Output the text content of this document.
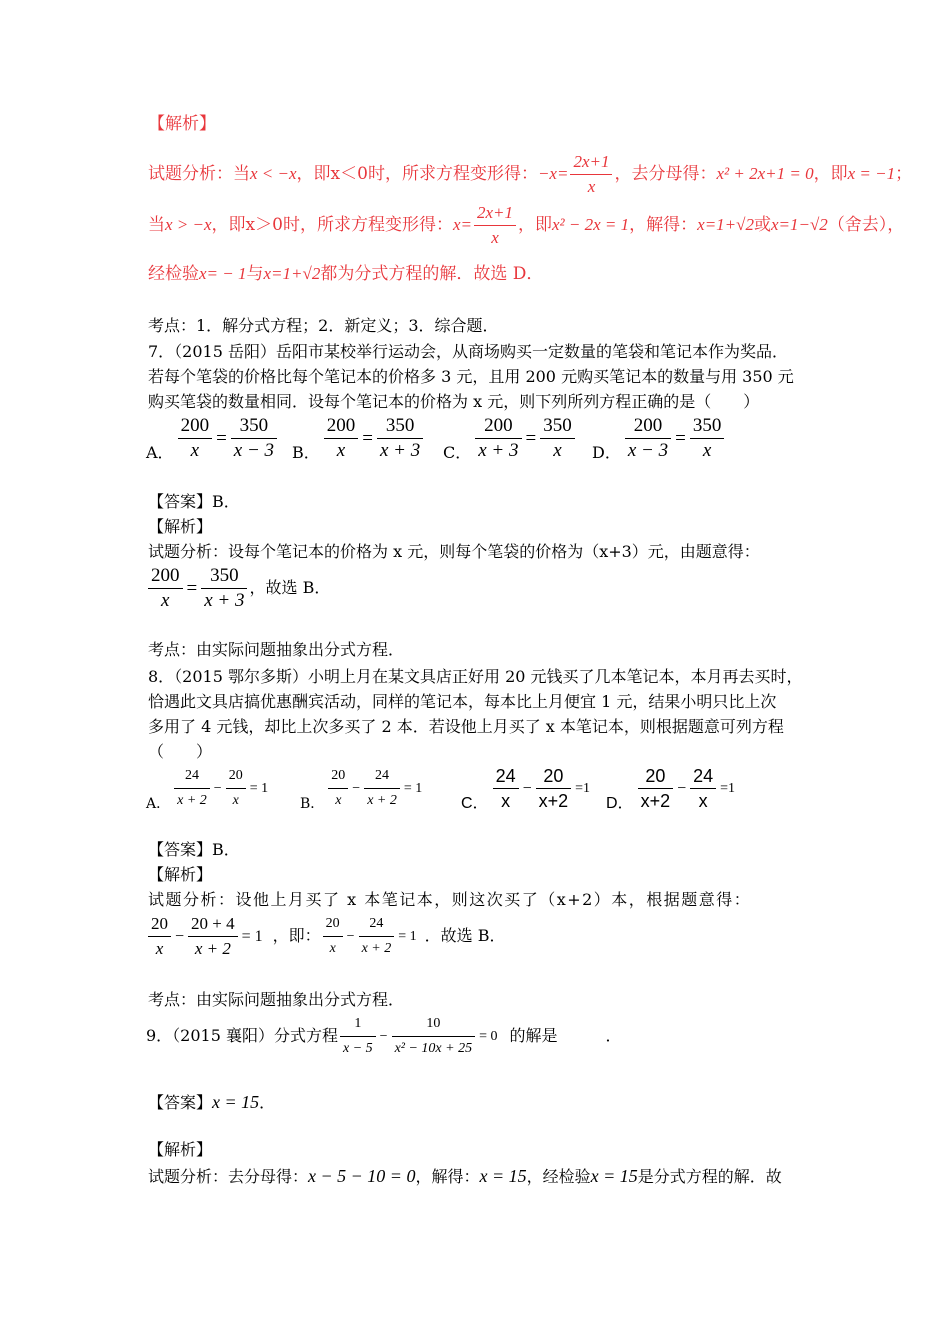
【解析】
试题分析：当x < −x，即x＜0时，所求方程变形得：$-x= \frac{2x+1}{x}$ ，去分母得：x² + 2x+1 = 0，即x = −1；
当x > −x，即x＞0时，所求方程变形得：$x= \frac{2x+1}{x}$ ，即x² − 2x = 1，解得：x=1+√2或x=1−√2（舍去），
经检验x= − 1与x=1+√2都为分式方程的解．故选 D．
考点：1．解分式方程；2．新定义；3．综合题．
7．（2015 岳阳）岳阳市某校举行运动会，从商场购买一定数量的笔袋和笔记本作为奖品．
若每个笔袋的价格比每个笔记本的价格多 3 元，且用 200 元购买笔记本的数量与用 350 元
购买笔袋的数量相同．设每个笔记本的价格为 x 元，则下列所列方程正确的是（　　）
A． $\frac{200}{x} = \frac{350}{x - 3}$ B． $\frac{200}{x} = \frac{350}{x + 3}$ C． $\frac{200}{x + 3} = \frac{350}{x}$ D． $\frac{200}{x - 3} = \frac{350}{x}$
【答案】B．
【解析】
试题分析：设每个笔记本的价格为 x 元，则每个笔袋的价格为（x+3）元，由题意得：
$\frac{200}{x} = \frac{350}{x + 3}$ ，故选 B．
考点：由实际问题抽象出分式方程．
8．（2015 鄂尔多斯）小明上月在某文具店正好用 20 元钱买了几本笔记本，本月再去买时，
恰遇此文具店搞优惠酬宾活动，同样的笔记本，每本比上月便宜 1 元，结果小明只比上次
多用了 4 元钱，却比上次多买了 2 本．若设他上月买了 x 本笔记本，则根据题意可列方程
（　　）
A． $\frac{24}{x + 2} - \frac{20}{x} = 1$
B． $\frac{20}{x} - \frac{24}{x + 2} = 1$
C． $\frac{24}{x} - \frac{20}{x+2} =1$
D． $\frac{20}{x+2} - \frac{24}{x} =1$
【答案】B．
【解析】
试题分析：设他上月买了 x 本笔记本，则这次买了（x+2）本，根据题意得：
$\frac{20}{x} - \frac{20 + 4}{x + 2} = 1$ ，即： $\frac{20}{x} - \frac{24}{x + 2} = 1$ ．故选 B．
考点：由实际问题抽象出分式方程．
9．（2015 襄阳）分式方程 $\frac{1}{x - 5} - \frac{10}{\text{x² − 10x + 25}} = 0$ 的解是　　　．
【答案】x = 15．
【解析】
试题分析：去分母得：x − 5 − 10 = 0，解得：x = 15，经检验x = 15是分式方程的解．故
